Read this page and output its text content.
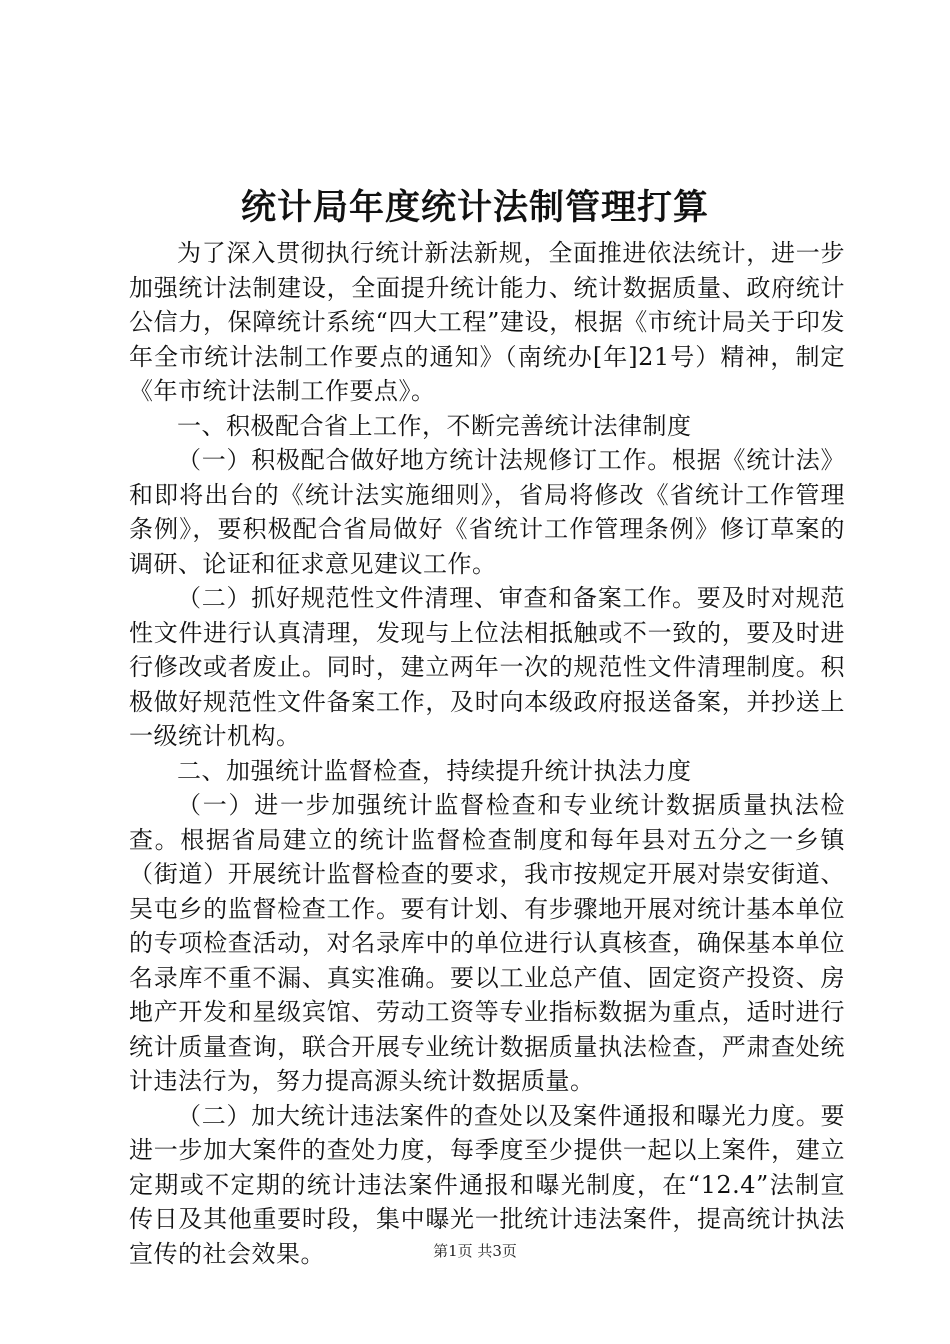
统计局年度统计法制管理打算

为了深入贯彻执行统计新法新规，全面推进依法统计，进一步加强统计法制建设，全面提升统计能力、统计数据质量、政府统计公信力，保障统计系统“四大工程”建设，根据《市统计局关于印发年全市统计法制工作要点的通知》（南统办[年]21号）精神，制定《年市统计法制工作要点》。

一、积极配合省上工作，不断完善统计法律制度

（一）积极配合做好地方统计法规修订工作。根据《统计法》和即将出台的《统计法实施细则》，省局将修改《省统计工作管理条例》，要积极配合省局做好《省统计工作管理条例》修订草案的调研、论证和征求意见建议工作。

（二）抓好规范性文件清理、审查和备案工作。要及时对规范性文件进行认真清理，发现与上位法相抵触或不一致的，要及时进行修改或者废止。同时，建立两年一次的规范性文件清理制度。积极做好规范性文件备案工作，及时向本级政府报送备案，并抄送上一级统计机构。

二、加强统计监督检查，持续提升统计执法力度

（一）进一步加强统计监督检查和专业统计数据质量执法检查。根据省局建立的统计监督检查制度和每年县对五分之一乡镇（街道）开展统计监督检查的要求，我市按规定开展对崇安街道、吴屯乡的监督检查工作。要有计划、有步骤地开展对统计基本单位的专项检查活动，对名录库中的单位进行认真核查，确保基本单位名录库不重不漏、真实准确。要以工业总产值、固定资产投资、房地产开发和星级宾馆、劳动工资等专业指标数据为重点，适时进行统计质量查询，联合开展专业统计数据质量执法检查，严肃查处统计违法行为，努力提高源头统计数据质量。

（二）加大统计违法案件的查处以及案件通报和曝光力度。要进一步加大案件的查处力度，每季度至少提供一起以上案件，建立定期或不定期的统计违法案件通报和曝光制度，在“12.4”法制宣传日及其他重要时段，集中曝光一批统计违法案件，提高统计执法宣传的社会效果。	第1页 共3页
